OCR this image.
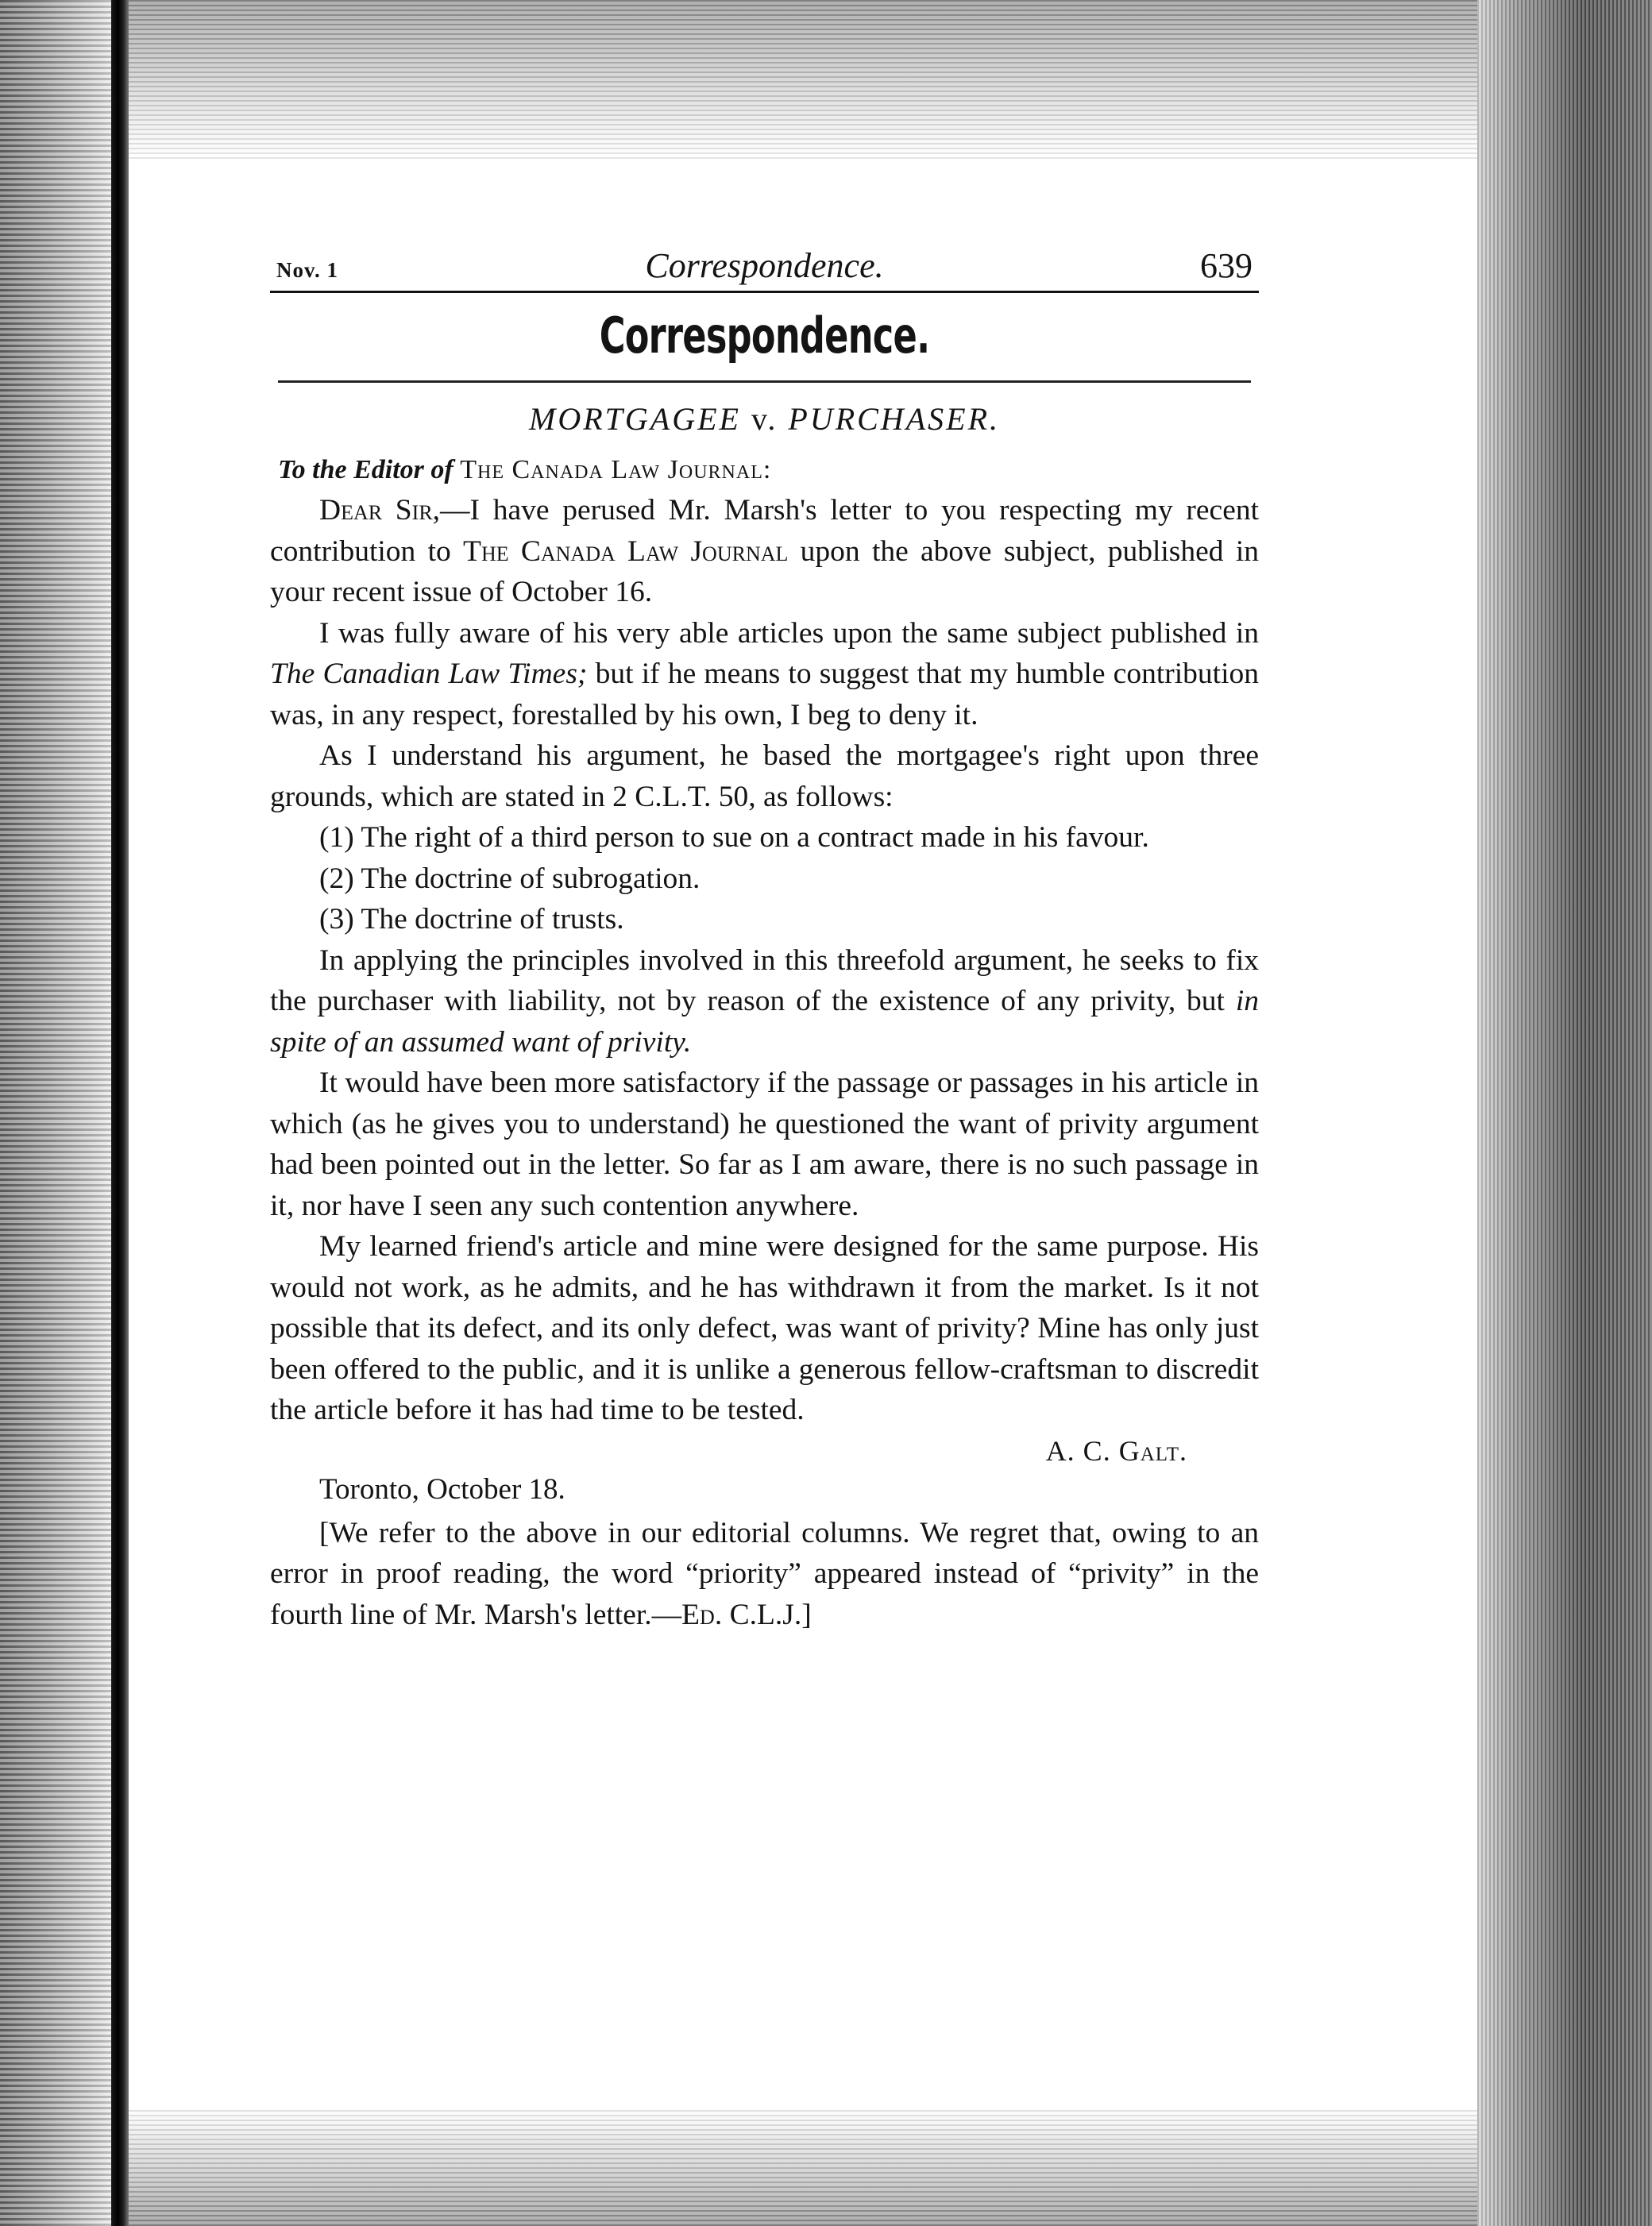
Nov. 1	Correspondence.	639
Correspondence.
MORTGAGEE v. PURCHASER.
To the Editor of The Canada Law Journal:

Dear Sir,—I have perused Mr. Marsh's letter to you respecting my recent contribution to The Canada Law Journal upon the above subject, published in your recent issue of October 16.

I was fully aware of his very able articles upon the same subject published in The Canadian Law Times; but if he means to suggest that my humble contribution was, in any respect, forestalled by his own, I beg to deny it.

As I understand his argument, he based the mortgagee's right upon three grounds, which are stated in 2 C.L.T. 50, as follows:

(1) The right of a third person to sue on a contract made in his favour.

(2) The doctrine of subrogation.

(3) The doctrine of trusts.

In applying the principles involved in this threefold argument, he seeks to fix the purchaser with liability, not by reason of the existence of any privity, but in spite of an assumed want of privity.

It would have been more satisfactory if the passage or passages in his article in which (as he gives you to understand) he questioned the want of privity argument had been pointed out in the letter. So far as I am aware, there is no such passage in it, nor have I seen any such contention anywhere.

My learned friend's article and mine were designed for the same purpose. His would not work, as he admits, and he has withdrawn it from the market. Is it not possible that its defect, and its only defect, was want of privity? Mine has only just been offered to the public, and it is unlike a generous fellow-craftsman to discredit the article before it has had time to be tested.

A. C. Galt.
Toronto, October 18.

[We refer to the above in our editorial columns. We regret that, owing to an error in proof reading, the word “priority” appeared instead of “privity” in the fourth line of Mr. Marsh's letter.—Ed. C.L.J.]
